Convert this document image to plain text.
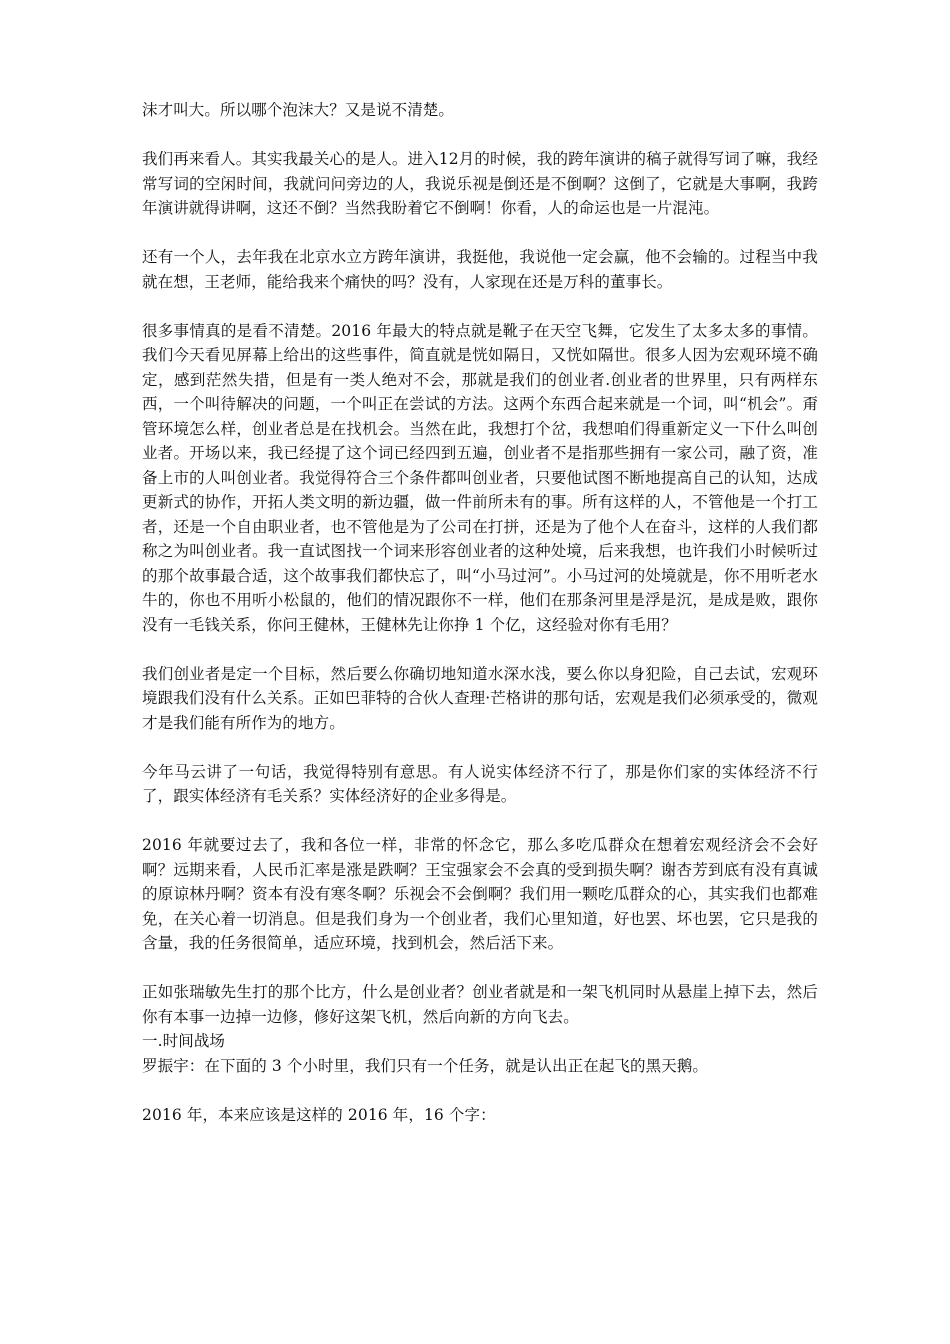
沫才叫大。所以哪个泡沫大？又是说不清楚。

我们再来看人。其实我最关心的是人。进入12月的时候，我的跨年演讲的稿子就得写词了嘛，我经常写词的空闲时间，我就问问旁边的人，我说乐视是倒还是不倒啊？这倒了，它就是大事啊，我跨年演讲就得讲啊，这还不倒？当然我盼着它不倒啊！你看，人的命运也是一片混沌。

还有一个人，去年我在北京水立方跨年演讲，我挺他，我说他一定会赢，他不会输的。过程当中我就在想，王老师，能给我来个痛快的吗？没有，人家现在还是万科的董事长。

很多事情真的是看不清楚。2016 年最大的特点就是靴子在天空飞舞，它发生了太多太多的事情。我们今天看见屏幕上给出的这些事件，简直就是恍如隔日，又恍如隔世。很多人因为宏观环境不确定，感到茫然失措，但是有一类人绝对不会，那就是我们的创业者.创业者的世界里，只有两样东西，一个叫待解决的问题，一个叫正在尝试的方法。这两个东西合起来就是一个词，叫“机会”。甭管环境怎么样，创业者总是在找机会。当然在此，我想打个岔，我想咱们得重新定义一下什么叫创业者。开场以来，我已经提了这个词已经四到五遍，创业者不是指那些拥有一家公司，融了资，准备上市的人叫创业者。我觉得符合三个条件都叫创业者，只要他试图不断地提高自己的认知，达成更新式的协作，开拓人类文明的新边疆，做一件前所未有的事。所有这样的人，不管他是一个打工者，还是一个自由职业者，也不管他是为了公司在打拼，还是为了他个人在奋斗，这样的人我们都称之为叫创业者。我一直试图找一个词来形容创业者的这种处境，后来我想，也许我们小时候听过的那个故事最合适，这个故事我们都快忘了，叫“小马过河”。小马过河的处境就是，你不用听老水牛的，你也不用听小松鼠的，他们的情况跟你不一样，他们在那条河里是浮是沉，是成是败，跟你没有一毛钱关系，你问王健林，王健林先让你挣 1 个亿，这经验对你有毛用？

我们创业者是定一个目标，然后要么你确切地知道水深水浅，要么你以身犯险，自己去试，宏观环境跟我们没有什么关系。正如巴菲特的合伙人查理·芒格讲的那句话，宏观是我们必须承受的，微观才是我们能有所作为的地方。

今年马云讲了一句话，我觉得特别有意思。有人说实体经济不行了，那是你们家的实体经济不行了，跟实体经济有毛关系？实体经济好的企业多得是。

2016 年就要过去了，我和各位一样，非常的怀念它，那么多吃瓜群众在想着宏观经济会不会好啊？远期来看，人民币汇率是涨是跌啊？王宝强家会不会真的受到损失啊？谢杏芳到底有没有真诚的原谅林丹啊？资本有没有寒冬啊？乐视会不会倒啊？我们用一颗吃瓜群众的心，其实我们也都难免，在关心着一切消息。但是我们身为一个创业者，我们心里知道，好也罢、坏也罢，它只是我的含量，我的任务很简单，适应环境，找到机会，然后活下来。

正如张瑞敏先生打的那个比方，什么是创业者？创业者就是和一架飞机同时从悬崖上掉下去，然后你有本事一边掉一边修，修好这架飞机，然后向新的方向飞去。

一.时间战场

罗振宇：在下面的 3 个小时里，我们只有一个任务，就是认出正在起飞的黑天鹅。

2016 年，本来应该是这样的 2016 年，16 个字：
